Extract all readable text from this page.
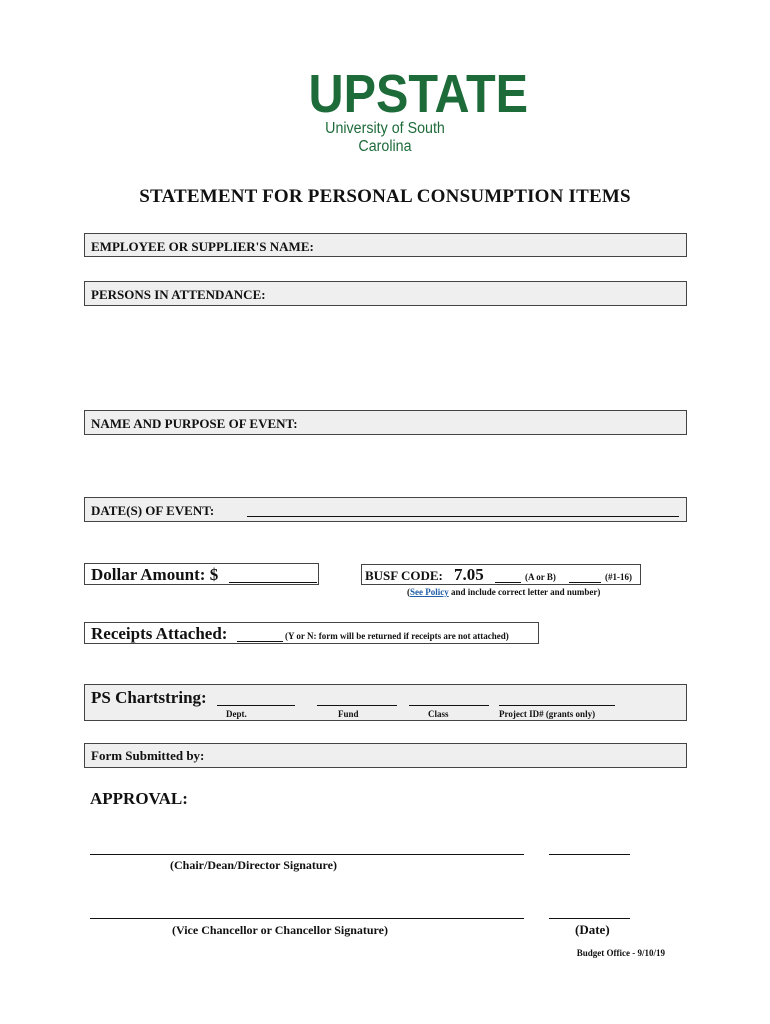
UPSTATE
University of South Carolina
STATEMENT FOR PERSONAL CONSUMPTION ITEMS
EMPLOYEE OR SUPPLIER'S NAME:
PERSONS IN ATTENDANCE:
NAME AND PURPOSE OF EVENT:
DATE(S) OF EVENT:
Dollar Amount: $	BUSF CODE: 7.05	(A or B)	(#1-16)
(See Policy and include correct letter and number)
Receipts Attached:	(Y or N: form will be returned if receipts are not attached)
PS Chartstring:
Dept.	Fund	Class	Project ID# (grants only)
Form Submitted by:
APPROVAL:
(Chair/Dean/Director Signature)
(Vice Chancellor or Chancellor Signature)	(Date)
Budget Office - 9/10/19
